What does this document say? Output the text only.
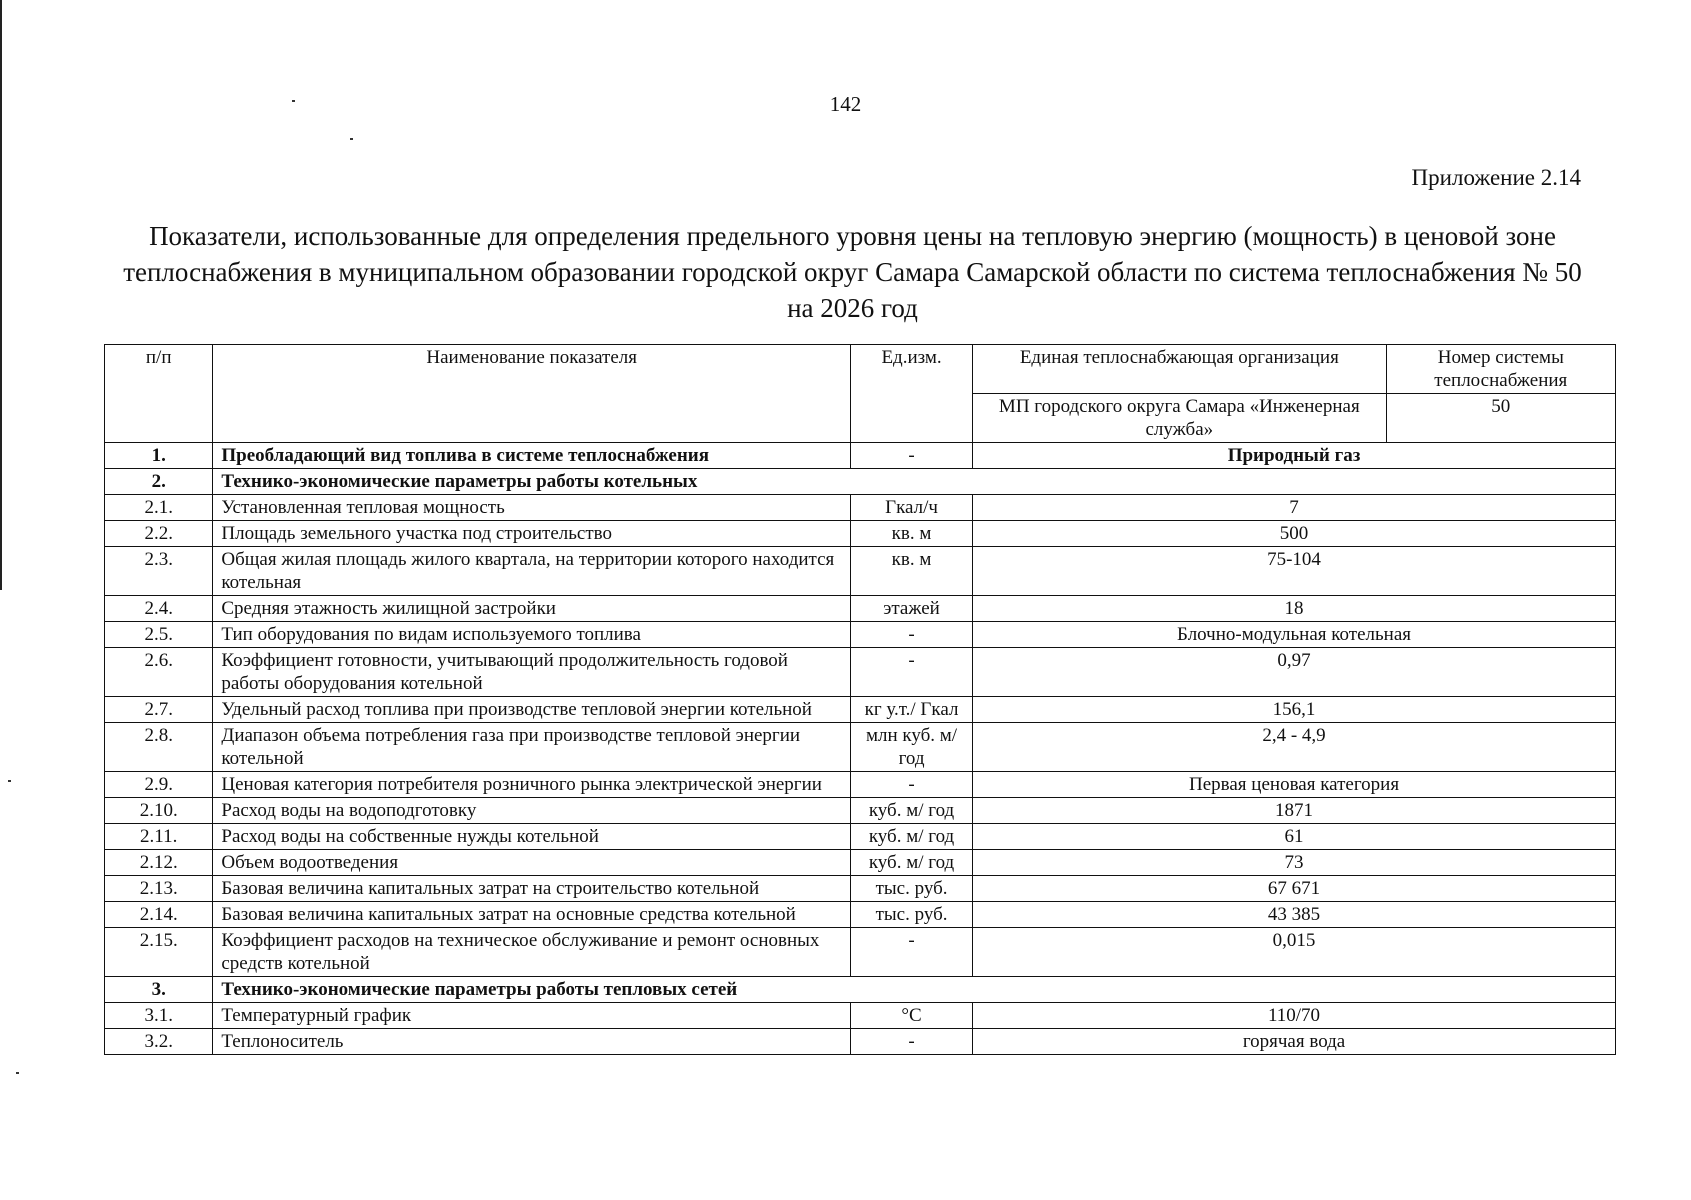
142
Приложение 2.14
Показатели, использованные для определения предельного уровня цены на тепловую энергию (мощность) в ценовой зоне теплоснабжения в муниципальном образовании городской округ Самара Самарской области по система теплоснабжения № 50 на 2026 год
п/п	Наименование показателя	Ед.изм.	Единая теплоснабжающая организация	Номер системы теплоснабжения
			МП городского округа Самара «Инженерная служба»	50
1.	Преобладающий вид топлива в системе теплоснабжения	-	Природный газ	
2.	Технико-экономические параметры работы котельных			
2.1.	Установленная тепловая мощность	Гкал/ч	7	
2.2.	Площадь земельного участка под строительство	кв. м	500	
2.3.	Общая жилая площадь жилого квартала, на территории которого находится котельная	кв. м	75-104	
2.4.	Средняя этажность жилищной застройки	этажей	18	
2.5.	Тип оборудования по видам используемого топлива	-	Блочно-модульная котельная	
2.6.	Коэффициент готовности, учитывающий продолжительность годовой работы оборудования котельной	-	0,97	
2.7.	Удельный расход топлива при производстве тепловой энергии котельной	кг у.т./ Гкал	156,1	
2.8.	Диапазон объема потребления газа при производстве тепловой энергии котельной	млн куб. м/год	2,4 - 4,9	
2.9.	Ценовая категория потребителя розничного рынка электрической энергии	-	Первая ценовая категория	
2.10.	Расход воды на водоподготовку	куб. м/ год	1871	
2.11.	Расход воды на собственные нужды котельной	куб. м/ год	61	
2.12.	Объем водоотведения	куб. м/ год	73	
2.13.	Базовая величина капитальных затрат на строительство котельной	тыс. руб.	67 671	
2.14.	Базовая величина капитальных затрат на основные средства котельной	тыс. руб.	43 385	
2.15.	Коэффициент расходов на техническое обслуживание и ремонт основных средств котельной	-	0,015	
3.	Технико-экономические параметры работы тепловых сетей			
3.1.	Температурный график	°С	110/70	
3.2.	Теплоноситель	-	горячая вода	
